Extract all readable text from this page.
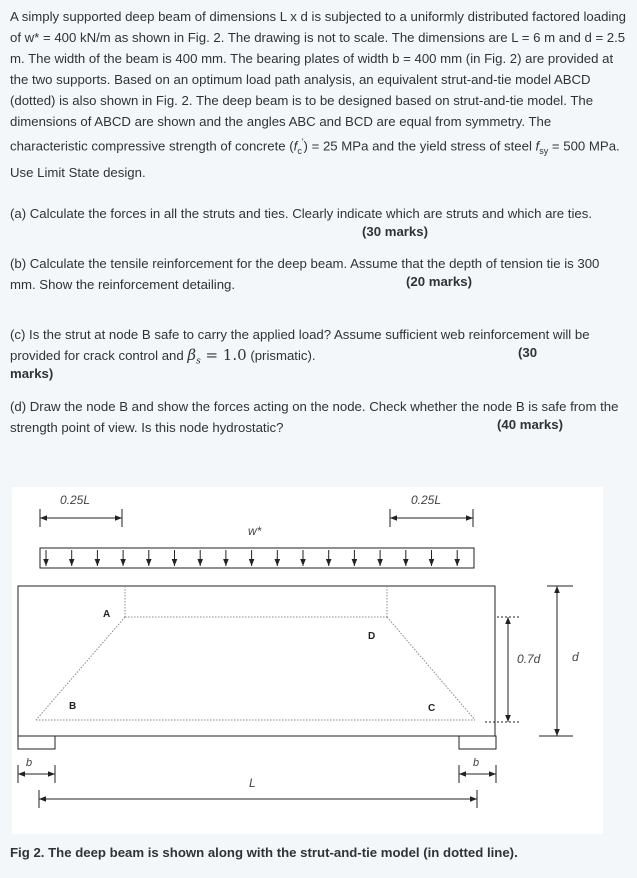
A simply supported deep beam of dimensions L x d is subjected to a uniformly distributed factored loading of w* = 400 kN/m as shown in Fig. 2. The drawing is not to scale. The dimensions are L = 6 m and d = 2.5 m. The width of the beam is 400 mm. The bearing plates of width b = 400 mm (in Fig. 2) are provided at the two supports. Based on an optimum load path analysis, an equivalent strut-and-tie model ABCD (dotted) is also shown in Fig. 2. The deep beam is to be designed based on strut-and-tie model. The dimensions of ABCD are shown and the angles ABC and BCD are equal from symmetry. The characteristic compressive strength of concrete $(f_c') = 25$ MPa and the yield stress of steel $f_{sy} = 500$ MPa.
Use Limit State design.

(a) Calculate the forces in all the struts and ties. Clearly indicate which are struts and which are ties.

(30 marks)

(b) Calculate the tensile reinforcement for the deep beam. Assume that the depth of tension tie is 300 mm. Show the reinforcement detailing.	(20 marks)

(c) Is the strut at node B safe to carry the applied load? Assume sufficient web reinforcement will be provided for crack control and $\beta_s = 1.0$ (prismatic).	(30
marks)

(d) Draw the node B and show the forces acting on the node. Check whether the node B is safe from the strength point of view. Is this node hydrostatic?	(40 marks)
0.25L	0.25L
w*
A
B	C
D
0.7d	d
b	b
L
Fig 2. The deep beam is shown along with the strut-and-tie model (in dotted line).
